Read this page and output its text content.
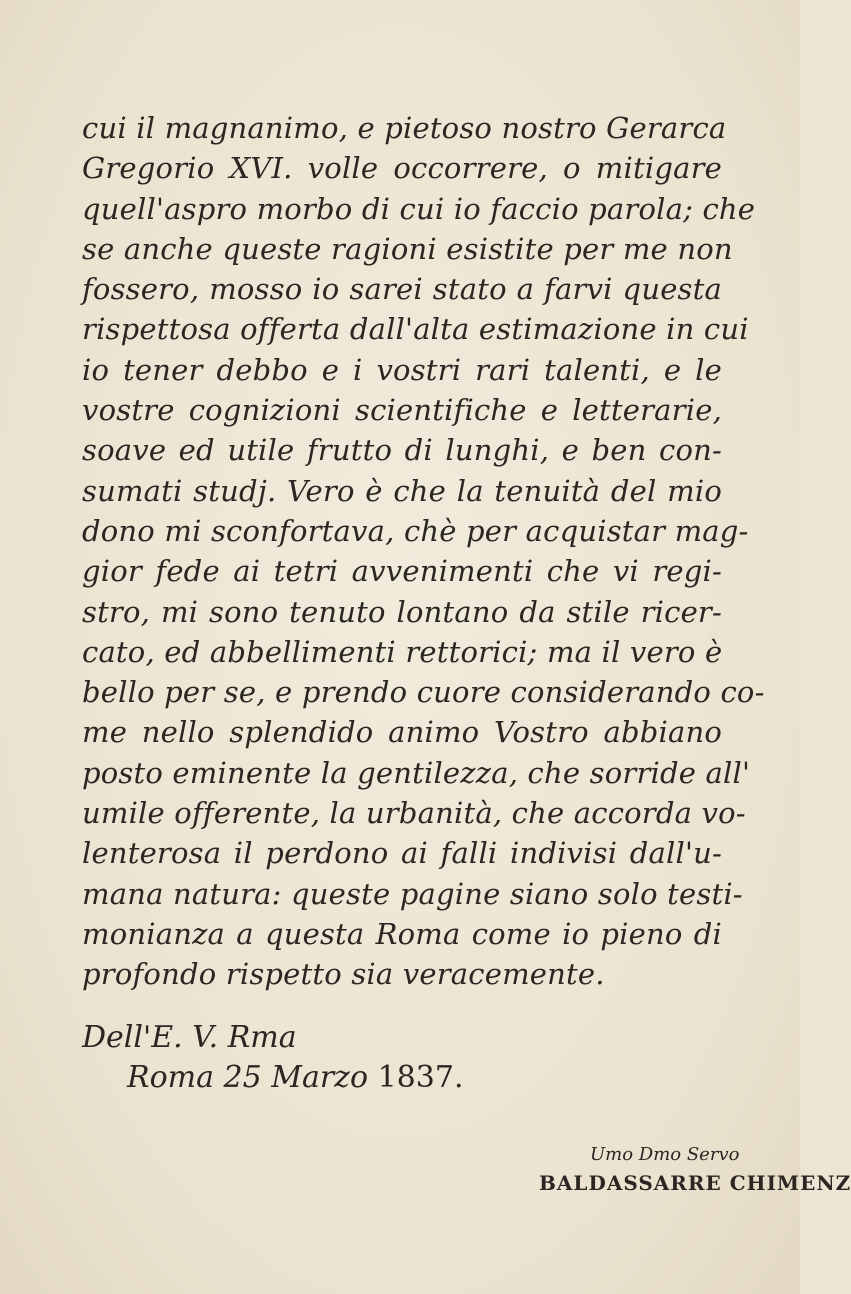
cui il magnanimo, e pietoso nostro Gerarca
Gregorio XVI. volle occorrere, o mitigare
quell'aspro morbo di cui io faccio parola; che
se anche queste ragioni esistite per me non
fossero, mosso io sarei stato a farvi questa
rispettosa offerta dall'alta estimazione in cui
io tener debbo e i vostri rari talenti, e le
vostre cognizioni scientifiche e letterarie,
soave ed utile frutto di lunghi, e ben con-
sumati studj. Vero è che la tenuità del mio
dono mi sconfortava, chè per acquistar mag-
gior fede ai tetri avvenimenti che vi regi-
stro, mi sono tenuto lontano da stile ricer-
cato, ed abbellimenti rettorici; ma il vero è
bello per se, e prendo cuore considerando co-
me nello splendido animo Vostro abbiano
posto eminente la gentilezza, che sorride all'
umile offerente, la urbanità, che accorda vo-
lenterosa il perdono ai falli indivisi dall'u-
mana natura: queste pagine siano solo testi-
monianza a questa Roma come io pieno di
profondo rispetto sia veracemente.
Dell'E. V. Rma
Roma 25 Marzo 1837.
Umo Dmo Servo
BALDASSARRE CHIMENZ
